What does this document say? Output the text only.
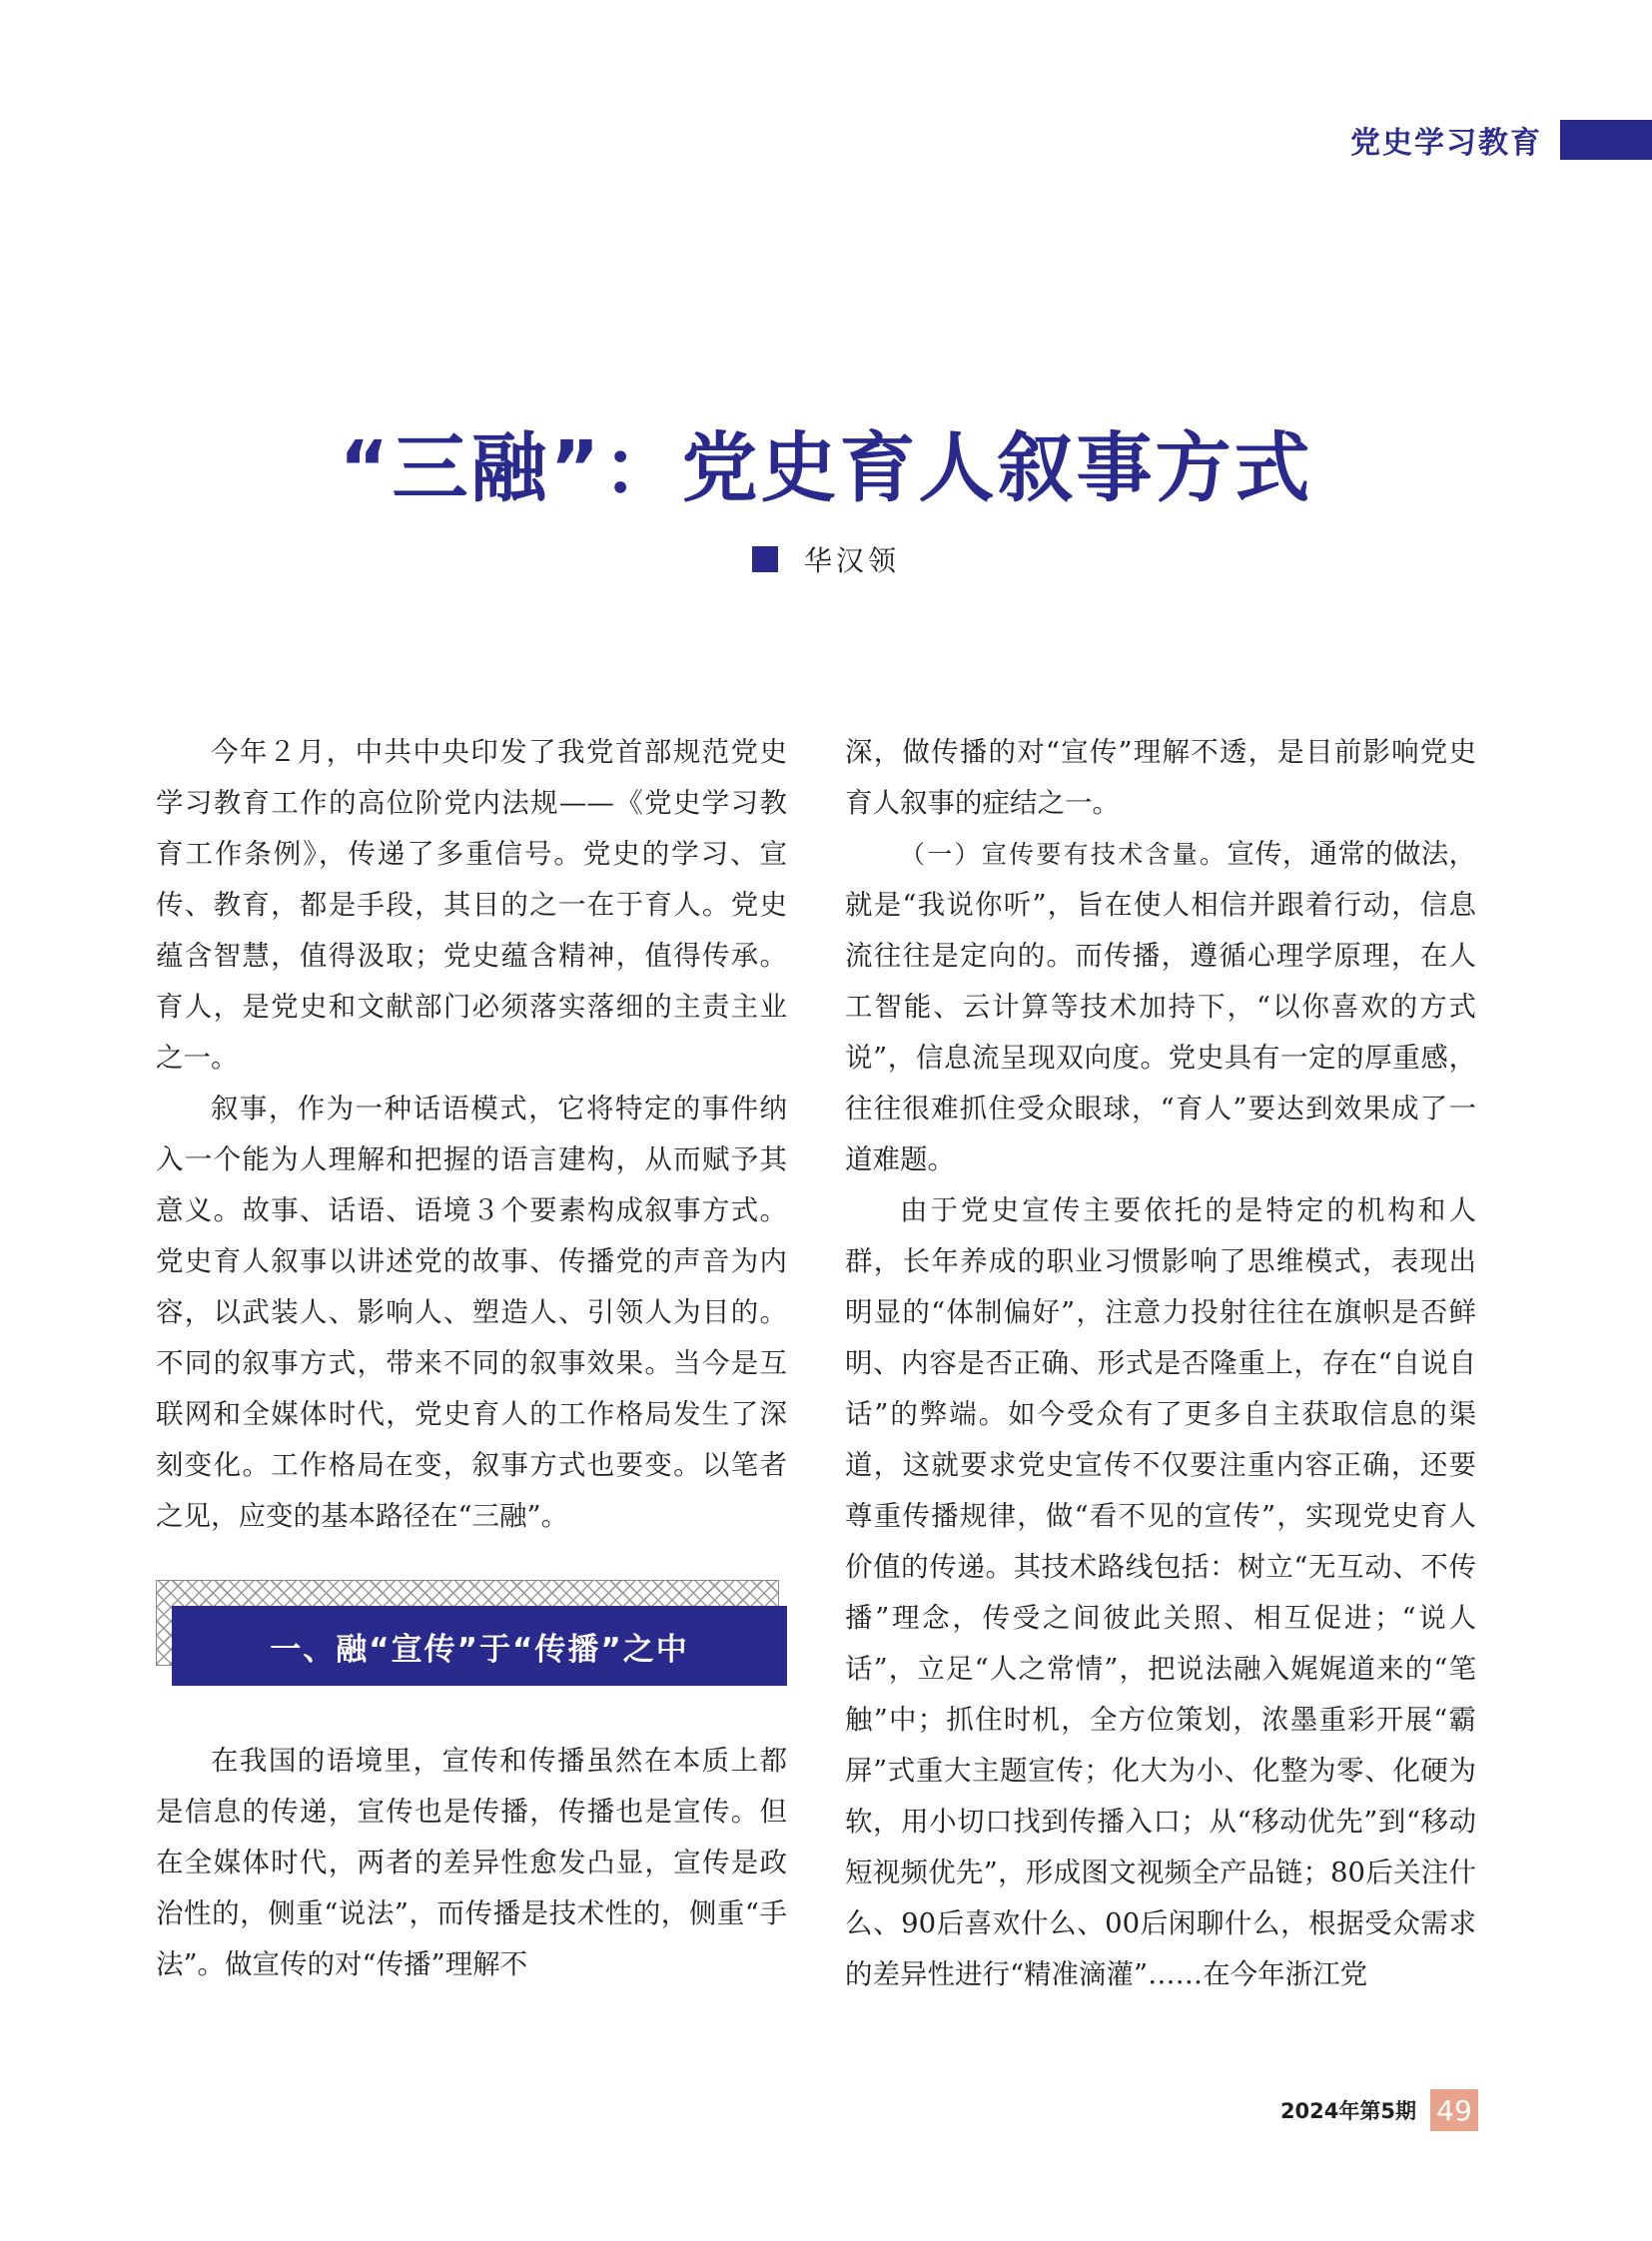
党史学习教育
“三融”：党史育人叙事方式
华汉领

今年２月，中共中央印发了我党首部规范党史学习教育工作的高位阶党内法规——《党史学习教育工作条例》，传递了多重信号。党史的学习、宣传、教育，都是手段，其目的之一在于育人。党史蕴含智慧，值得汲取；党史蕴含精神，值得传承。育人，是党史和文献部门必须落实落细的主责主业之一。

叙事，作为一种话语模式，它将特定的事件纳入一个能为人理解和把握的语言建构，从而赋予其意义。故事、话语、语境３个要素构成叙事方式。党史育人叙事以讲述党的故事、传播党的声音为内容，以武装人、影响人、塑造人、引领人为目的。不同的叙事方式，带来不同的叙事效果。当今是互联网和全媒体时代，党史育人的工作格局发生了深刻变化。工作格局在变，叙事方式也要变。以笔者之见，应变的基本路径在“三融”。

一、融“宣传”于“传播”之中

在我国的语境里，宣传和传播虽然在本质上都是信息的传递，宣传也是传播，传播也是宣传。但在全媒体时代，两者的差异性愈发凸显，宣传是政治性的，侧重“说法”，而传播是技术性的，侧重“手法”。做宣传的对“传播”理解不

深，做传播的对“宣传”理解不透，是目前影响党史育人叙事的症结之一。

（一）宣传要有技术含量。宣传，通常的做法，就是“我说你听”，旨在使人相信并跟着行动，信息流往往是定向的。而传播，遵循心理学原理，在人工智能、云计算等技术加持下，“以你喜欢的方式说”，信息流呈现双向度。党史具有一定的厚重感，往往很难抓住受众眼球，“育人”要达到效果成了一道难题。

由于党史宣传主要依托的是特定的机构和人群，长年养成的职业习惯影响了思维模式，表现出明显的“体制偏好”，注意力投射往往在旗帜是否鲜明、内容是否正确、形式是否隆重上，存在“自说自话”的弊端。如今受众有了更多自主获取信息的渠道，这就要求党史宣传不仅要注重内容正确，还要尊重传播规律，做“看不见的宣传”，实现党史育人价值的传递。其技术路线包括：树立“无互动、不传播”理念，传受之间彼此关照、相互促进；“说人话”，立足“人之常情”，把说法融入娓娓道来的“笔触”中；抓住时机，全方位策划，浓墨重彩开展“霸屏”式重大主题宣传；化大为小、化整为零、化硬为软，用小切口找到传播入口；从“移动优先”到“移动短视频优先”，形成图文视频全产品链；80后关注什么、90后喜欢什么、00后闲聊什么，根据受众需求的差异性进行“精准滴灌”……在今年浙江党

2024年第5期 49
